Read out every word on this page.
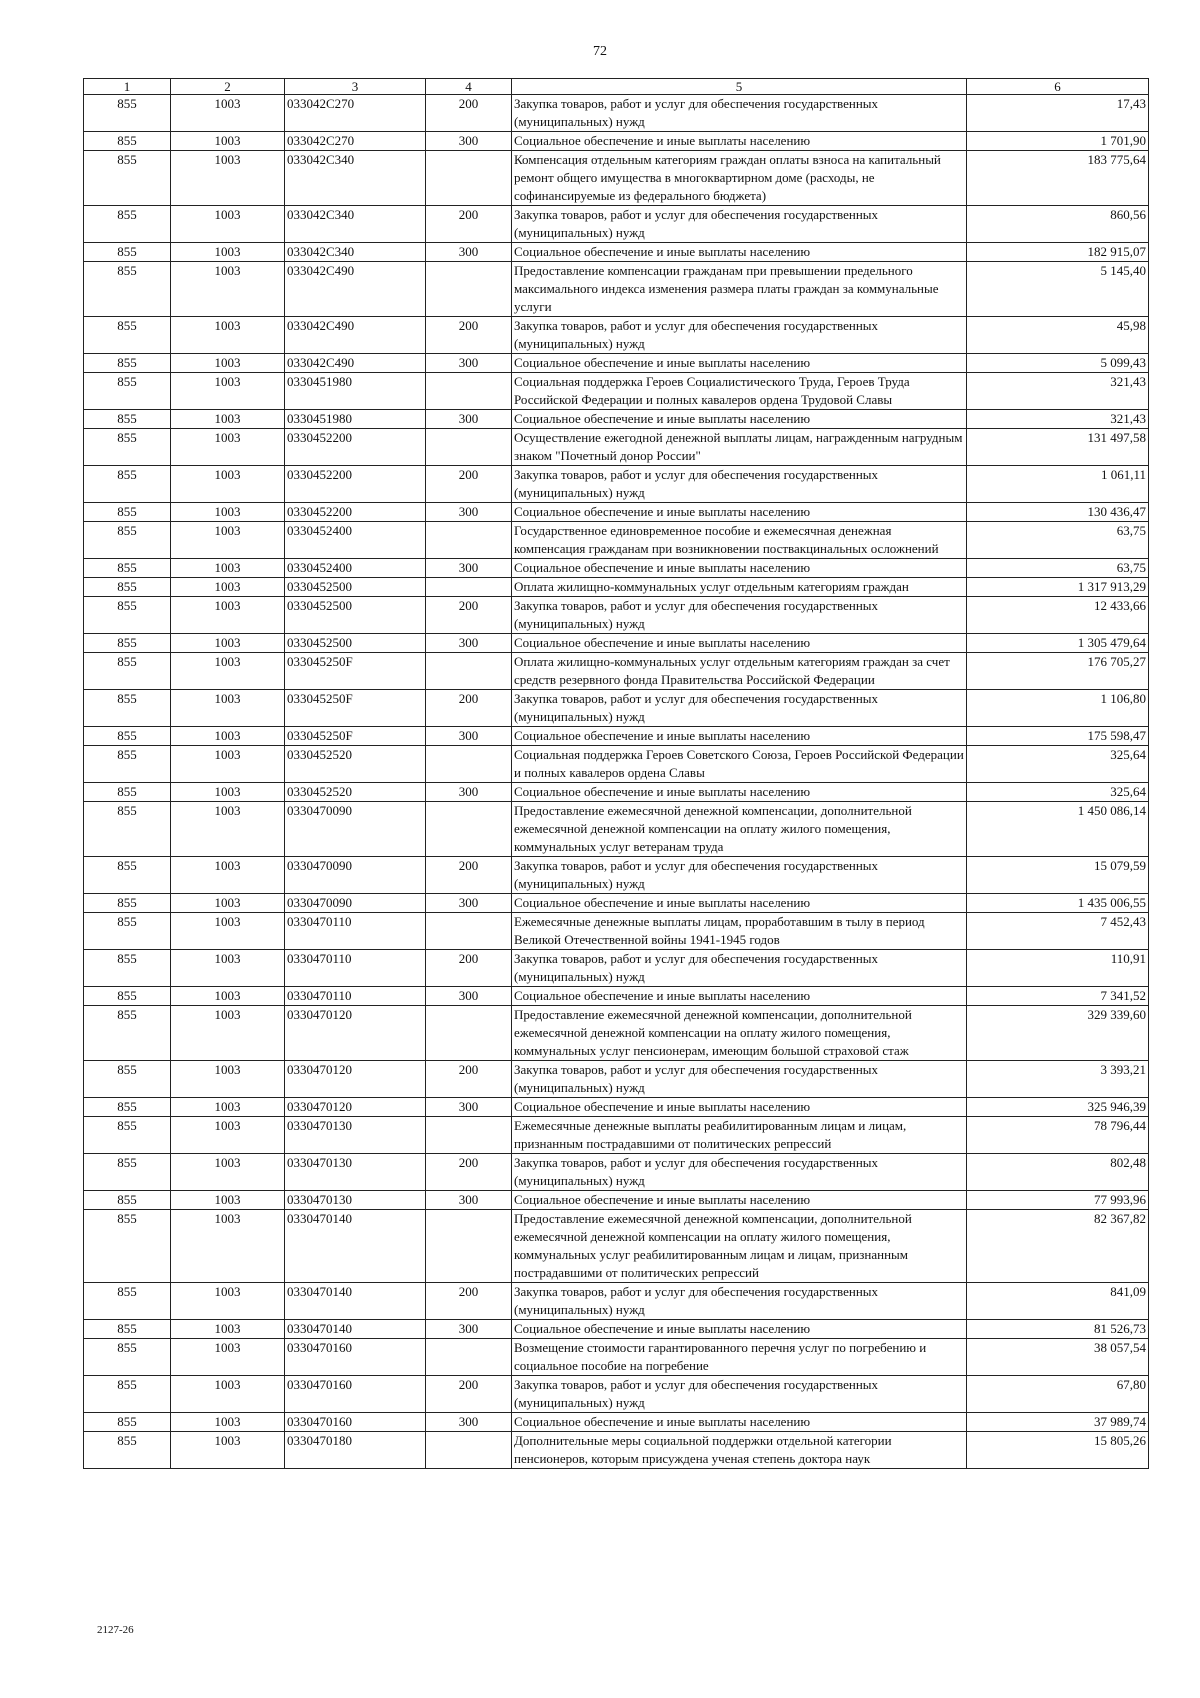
72
1	2	3	4	5	6
855	1003	033042C270	200	Закупка товаров, работ и услуг для обеспечения государственных (муниципальных) нужд	17,43
855	1003	033042C270	300	Социальное обеспечение и иные выплаты населению	1 701,90
855	1003	033042C340		Компенсация отдельным категориям граждан оплаты взноса на капитальный ремонт общего имущества в многоквартирном доме (расходы, не софинансируемые из федерального бюджета)	183 775,64
855	1003	033042C340	200	Закупка товаров, работ и услуг для обеспечения государственных (муниципальных) нужд	860,56
855	1003	033042C340	300	Социальное обеспечение и иные выплаты населению	182 915,07
855	1003	033042C490		Предоставление компенсации гражданам при превышении предельного максимального индекса изменения размера платы граждан за коммунальные услуги	5 145,40
855	1003	033042C490	200	Закупка товаров, работ и услуг для обеспечения государственных (муниципальных) нужд	45,98
855	1003	033042C490	300	Социальное обеспечение и иные выплаты населению	5 099,43
855	1003	0330451980		Социальная поддержка Героев Социалистического Труда, Героев Труда Российской Федерации и полных кавалеров ордена Трудовой Славы	321,43
855	1003	0330451980	300	Социальное обеспечение и иные выплаты населению	321,43
855	1003	0330452200		Осуществление ежегодной денежной выплаты лицам, награжденным нагрудным знаком "Почетный донор России"	131 497,58
855	1003	0330452200	200	Закупка товаров, работ и услуг для обеспечения государственных (муниципальных) нужд	1 061,11
855	1003	0330452200	300	Социальное обеспечение и иные выплаты населению	130 436,47
855	1003	0330452400		Государственное единовременное пособие и ежемесячная денежная компенсация гражданам при возникновении поствакцинальных осложнений	63,75
855	1003	0330452400	300	Социальное обеспечение и иные выплаты населению	63,75
855	1003	0330452500		Оплата жилищно-коммунальных услуг отдельным категориям граждан	1 317 913,29
855	1003	0330452500	200	Закупка товаров, работ и услуг для обеспечения государственных (муниципальных) нужд	12 433,66
855	1003	0330452500	300	Социальное обеспечение и иные выплаты населению	1 305 479,64
855	1003	033045250F		Оплата жилищно-коммунальных услуг отдельным категориям граждан за счет средств резервного фонда Правительства Российской Федерации	176 705,27
855	1003	033045250F	200	Закупка товаров, работ и услуг для обеспечения государственных (муниципальных) нужд	1 106,80
855	1003	033045250F	300	Социальное обеспечение и иные выплаты населению	175 598,47
855	1003	0330452520		Социальная поддержка Героев Советского Союза, Героев Российской Федерации и полных кавалеров ордена Славы	325,64
855	1003	0330452520	300	Социальное обеспечение и иные выплаты населению	325,64
855	1003	0330470090		Предоставление ежемесячной денежной компенсации, дополнительной ежемесячной денежной компенсации на оплату жилого помещения, коммунальных услуг ветеранам труда	1 450 086,14
855	1003	0330470090	200	Закупка товаров, работ и услуг для обеспечения государственных (муниципальных) нужд	15 079,59
855	1003	0330470090	300	Социальное обеспечение и иные выплаты населению	1 435 006,55
855	1003	0330470110		Ежемесячные денежные выплаты лицам, проработавшим в тылу в период Великой Отечественной войны 1941-1945 годов	7 452,43
855	1003	0330470110	200	Закупка товаров, работ и услуг для обеспечения государственных (муниципальных) нужд	110,91
855	1003	0330470110	300	Социальное обеспечение и иные выплаты населению	7 341,52
855	1003	0330470120		Предоставление ежемесячной денежной компенсации, дополнительной ежемесячной денежной компенсации на оплату жилого помещения, коммунальных услуг пенсионерам, имеющим большой страховой стаж	329 339,60
855	1003	0330470120	200	Закупка товаров, работ и услуг для обеспечения государственных (муниципальных) нужд	3 393,21
855	1003	0330470120	300	Социальное обеспечение и иные выплаты населению	325 946,39
855	1003	0330470130		Ежемесячные денежные выплаты реабилитированным лицам и лицам, признанным пострадавшими от политических репрессий	78 796,44
855	1003	0330470130	200	Закупка товаров, работ и услуг для обеспечения государственных (муниципальных) нужд	802,48
855	1003	0330470130	300	Социальное обеспечение и иные выплаты населению	77 993,96
855	1003	0330470140		Предоставление ежемесячной денежной компенсации, дополнительной ежемесячной денежной компенсации на оплату жилого помещения, коммунальных услуг реабилитированным лицам и лицам, признанным пострадавшими от политических репрессий	82 367,82
855	1003	0330470140	200	Закупка товаров, работ и услуг для обеспечения государственных (муниципальных) нужд	841,09
855	1003	0330470140	300	Социальное обеспечение и иные выплаты населению	81 526,73
855	1003	0330470160		Возмещение стоимости гарантированного перечня услуг по погребению и социальное пособие на погребение	38 057,54
855	1003	0330470160	200	Закупка товаров, работ и услуг для обеспечения государственных (муниципальных) нужд	67,80
855	1003	0330470160	300	Социальное обеспечение и иные выплаты населению	37 989,74
855	1003	0330470180		Дополнительные меры социальной поддержки отдельной категории пенсионеров, которым присуждена ученая степень доктора наук	15 805,26
2127-26
